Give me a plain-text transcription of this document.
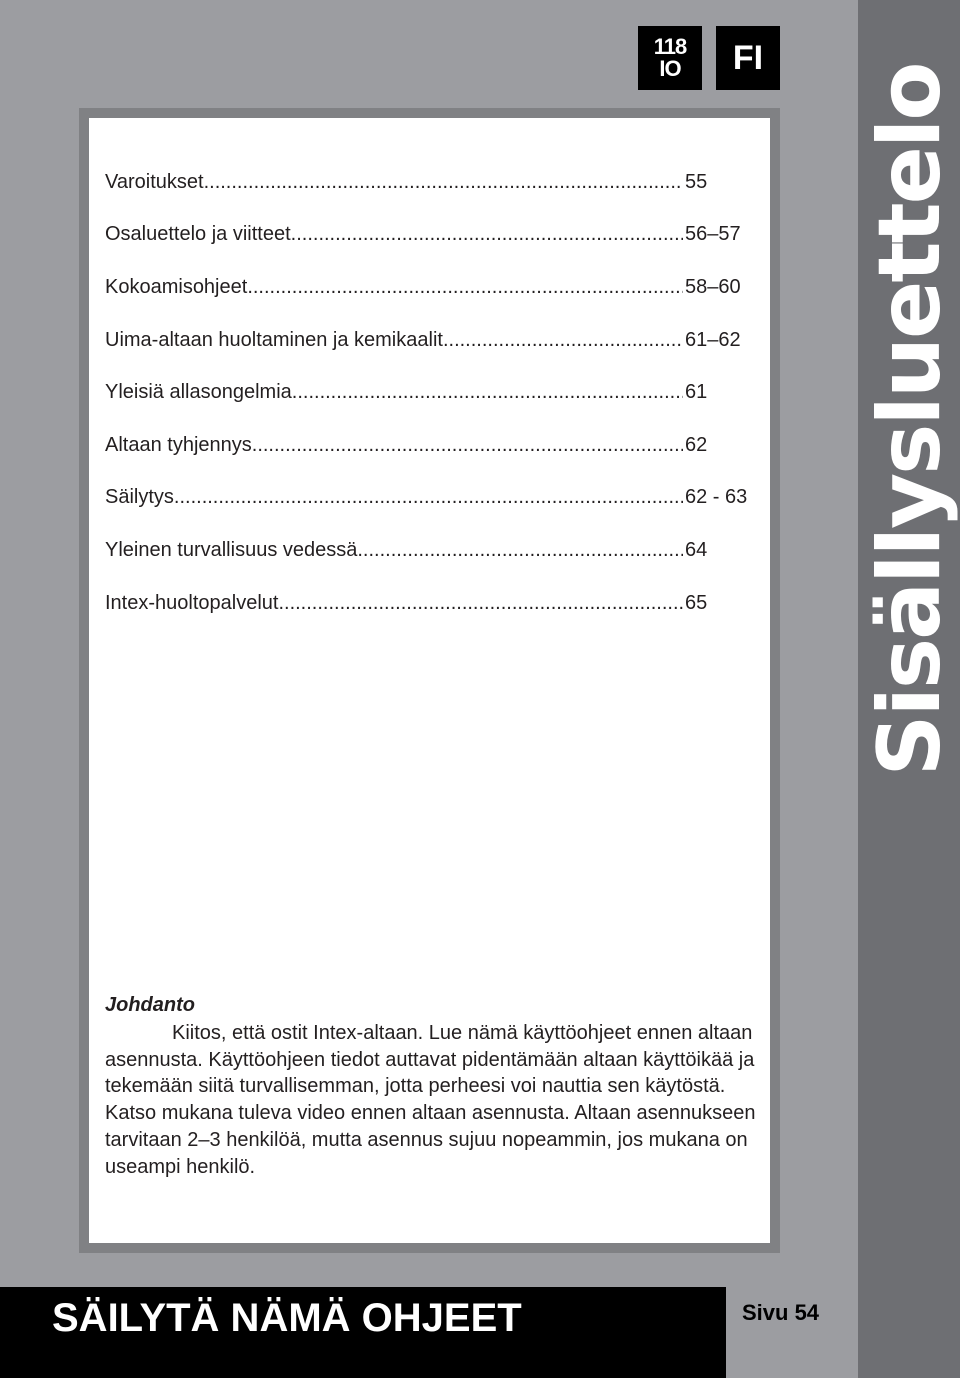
Sisällysluettelo
118
IO	FI
Varoitukset .....	55
Osaluettelo ja viitteet .....	56–57
Kokoamisohjeet .....	58–60
Uima-altaan huoltaminen ja kemikaalit .....	61–62
Yleisiä allasongelmia .....	61
Altaan tyhjennys .....	62
Säilytys .....	62 - 63
Yleinen turvallisuus vedessä .....	64
Intex-huoltopalvelut .....	65
Johdanto

Kiitos, että ostit Intex-altaan. Lue nämä käyttöohjeet ennen altaan asennusta. Käyttöohjeen tiedot auttavat pidentämään altaan käyttöikää ja tekemään siitä turvallisemman, jotta perheesi voi nauttia sen käytöstä. Katso mukana tuleva video ennen altaan asennusta. Altaan asennukseen tarvitaan 2–3 henkilöä, mutta asennus sujuu nopeammin, jos mukana on useampi henkilö.

SÄILYTÄ NÄMÄ OHJEET	Sivu 54
